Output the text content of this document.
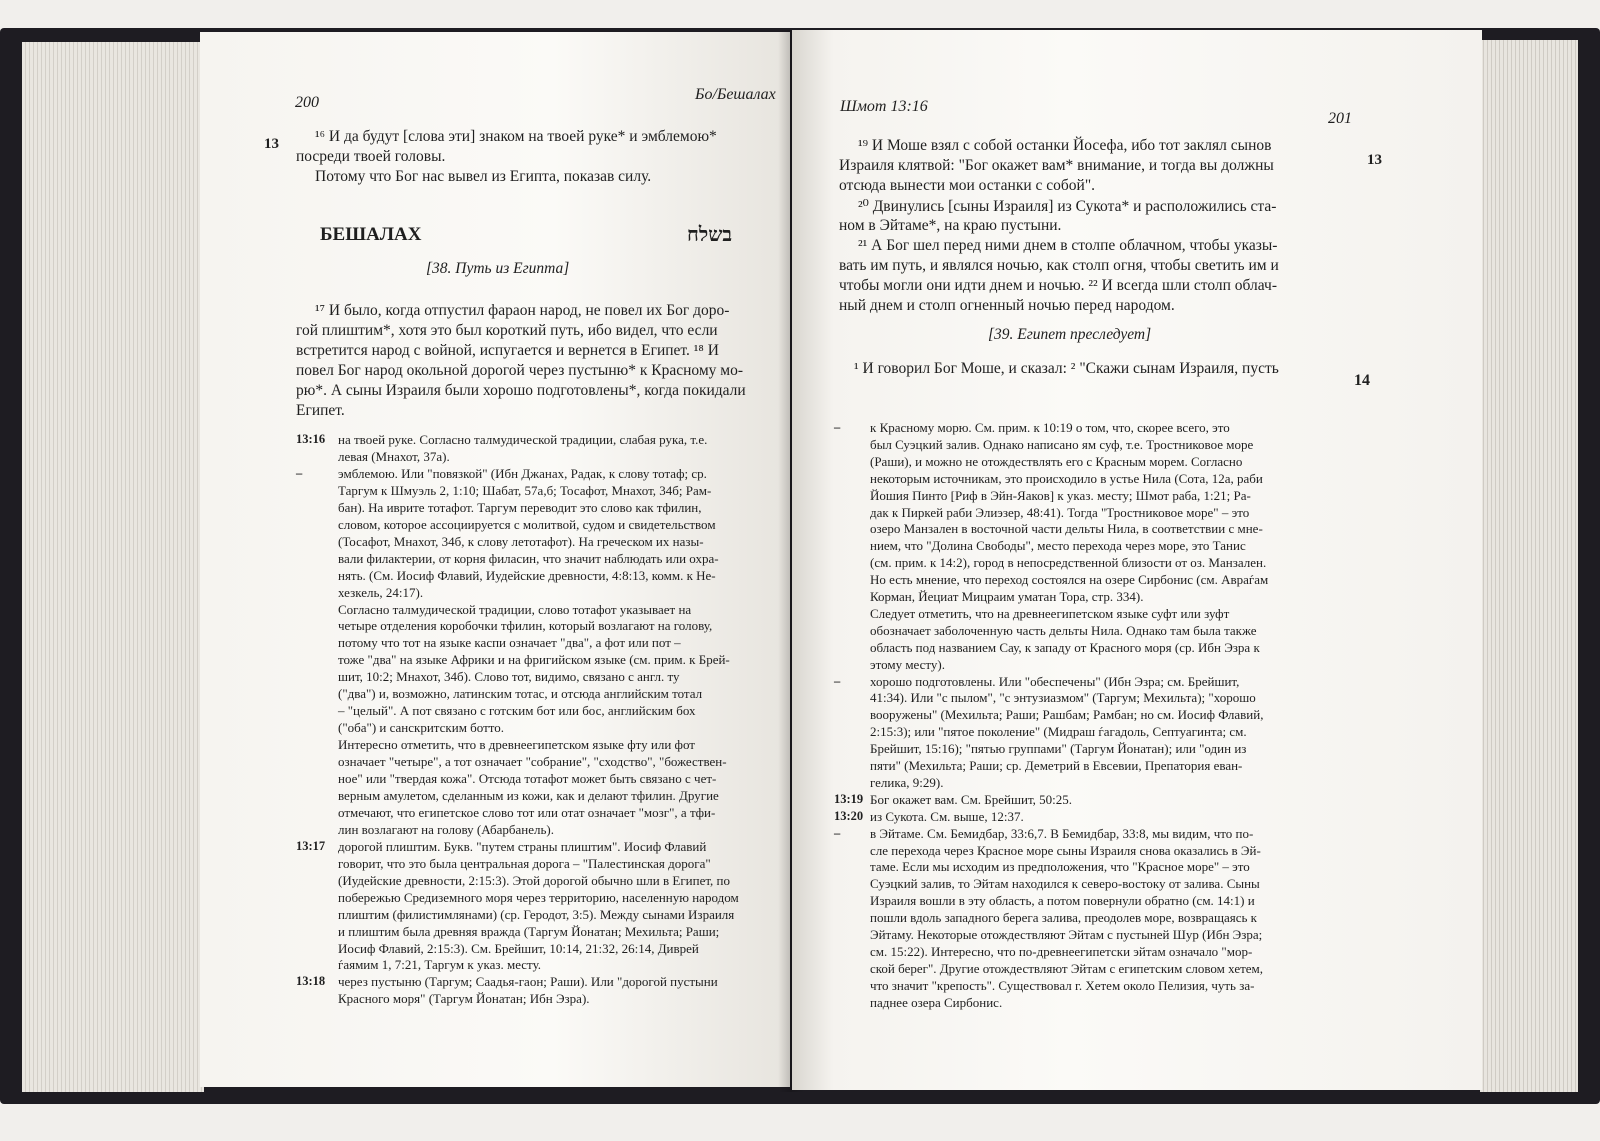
200	Бо/Бешалах
13 ¹⁶ И да будут [слова эти] знаком на твоей руке* и эмблемою*
посреди твоей головы.
Потому что Бог нас вывел из Египта, показав силу.
БЕШАЛАХ	בשלח
[38. Путь из Египта]
¹⁷ И было, когда отпустил фараон народ, не повел их Бог доро-
гой плиштим*, хотя это был короткий путь, ибо видел, что если
встретится народ с войной, испугается и вернется в Египет. ¹⁸ И
повел Бог народ окольной дорогой через пустыню* к Красному мо-
рю*. А сыны Израиля были хорошо подготовлены*, когда покидали
Египет.
13:16 на твоей руке. Согласно талмудической традиции, слабая рука, т.е.
левая (Мнахот, 37а).
–	эмблемою. Или "повязкой" (Ибн Джанах, Радак, к слову тотаф; ср.
Таргум к Шмуэль 2, 1:10; Шабат, 57а,б; Тосафот, Мнахот, 34б; Рам-
бан). На иврите тотафот. Таргум переводит это слово как тфилин,
словом, которое ассоциируется с молитвой, судом и свидетельством
(Тосафот, Мнахот, 34б, к слову летотафот). На греческом их назы-
вали филактерии, от корня филасин, что значит наблюдать или охра-
нять. (См. Иосиф Флавий, Иудейские древности, 4:8:13, комм. к Не-
хезкель, 24:17).
Согласно талмудической традиции, слово тотафот указывает на
четыре отделения коробочки тфилин, который возлагают на голову,
потому что тот на языке каспи означает "два", а фот или пот –
тоже "два" на языке Африки и на фригийском языке (см. прим. к Брей-
шит, 10:2; Мнахот, 34б). Слово тот, видимо, связано с англ. ту
("два") и, возможно, латинским тотас, и отсюда английским тотал
– "целый". А пот связано с готским бот или бос, английским бох
("оба") и санскритским ботто.
Интересно отметить, что в древнеегипетском языке фту или фот
означает "четыре", а тот означает "собрание", "сходство", "божествен-
ное" или "твердая кожа". Отсюда тотафот может быть связано с чет-
верным амулетом, сделанным из кожи, как и делают тфилин. Другие
отмечают, что египетское слово тот или отат означает "мозг", а тфи-
лин возлагают на голову (Абарбанель).
13:17 дорогой плиштим. Букв. "путем страны плиштим". Иосиф Флавий
говорит, что это была центральная дорога – "Палестинская дорога"
(Иудейские древности, 2:15:3). Этой дорогой обычно шли в Египет, по
побережью Средиземного моря через территорию, населенную народом
плиштим (филистимлянами) (ср. Геродот, 3:5). Между сынами Израиля
и плиштим была древняя вражда (Таргум Йонатан; Мехильта; Раши;
Иосиф Флавий, 2:15:3). См. Брейшит, 10:14, 21:32, 26:14, Диврей
ѓаямим 1, 7:21, Таргум к указ. месту.
13:18 через пустыню (Таргум; Саадья-гаон; Раши). Или "дорогой пустыни
Красного моря" (Таргум Йонатан; Ибн Эзра).
Шмот 13:16
201
13
¹⁹ И Моше взял с собой останки Йосефа, ибо тот заклял сынов
Израиля клятвой: "Бог окажет вам* внимание, и тогда вы должны
отсюда вынести мои останки с собой".
²⁰ Двинулись [сыны Израиля] из Сукота* и расположились ста-
ном в Эйтаме*, на краю пустыни.
²¹ А Бог шел перед ними днем в столпе облачном, чтобы указы-
вать им путь, и являлся ночью, как столп огня, чтобы светить им и
чтобы могли они идти днем и ночью. ²² И всегда шли столп облач-
ный днем и столп огненный ночью перед народом.
[39. Египет преследует]
¹ И говорил Бог Моше, и сказал: ² "Скажи сынам Израиля, пусть
14
– к Красному морю. См. прим. к 10:19 о том, что, скорее всего, это
был Суэцкий залив. Однако написано ям суф, т.е. Тростниковое море
(Раши), и можно не отождествлять его с Красным морем. Согласно
некоторым источникам, это происходило в устье Нила (Сота, 12а, раби
Йошия Пинто [Риф в Эйн-Яаков] к указ. месту; Шмот раба, 1:21; Ра-
дак к Пиркей раби Элиэзер, 48:41). Тогда "Тростниковое море" – это
озеро Манзален в восточной части дельты Нила, в соответствии с мне-
нием, что "Долина Свободы", место перехода через море, это Танис
(см. прим. к 14:2), город в непосредственной близости от оз. Манзален.
Но есть мнение, что переход состоялся на озере Сирбонис (см. Авраѓам
Корман, Йециат Мицраим уматан Тора, стр. 334).
Следует отметить, что на древнеегипетском языке суфт или зуфт
обозначает заболоченную часть дельты Нила. Однако там была также
область под названием Сау, к западу от Красного моря (ср. Ибн Эзра к
этому месту).
– хорошо подготовлены. Или "обеспечены" (Ибн Эзра; см. Брейшит,
41:34). Или "с пылом", "с энтузиазмом" (Таргум; Мехильта); "хорошо
вооружены" (Мехильта; Раши; Рашбам; Рамбан; но см. Иосиф Флавий,
2:15:3); или "пятое поколение" (Мидраш ѓагадоль, Септуагинта; см.
Брейшит, 15:16); "пятью группами" (Таргум Йонатан); или "один из
пяти" (Мехильта; Раши; ср. Деметрий в Евсевии, Препатория еван-
гелика, 9:29).
13:19 Бог окажет вам. См. Брейшит, 50:25.
13:20 из Сукота. См. выше, 12:37.
– в Эйтаме. См. Бемидбар, 33:6,7. В Бемидбар, 33:8, мы видим, что по-
сле перехода через Красное море сыны Израиля снова оказались в Эй-
таме. Если мы исходим из предположения, что "Красное море" – это
Суэцкий залив, то Эйтам находился к северо-востоку от залива. Сыны
Израиля вошли в эту область, а потом повернули обратно (см. 14:1) и
пошли вдоль западного берега залива, преодолев море, возвращаясь к
Эйтаму. Некоторые отождествляют Эйтам с пустыней Шур (Ибн Эзра;
см. 15:22). Интересно, что по-древнеегипетски эйтам означало "мор-
ской берег". Другие отождествляют Эйтам с египетским словом хетем,
что значит "крепость". Существовал г. Хетем около Пелизия, чуть за-
паднее озера Сирбонис.
